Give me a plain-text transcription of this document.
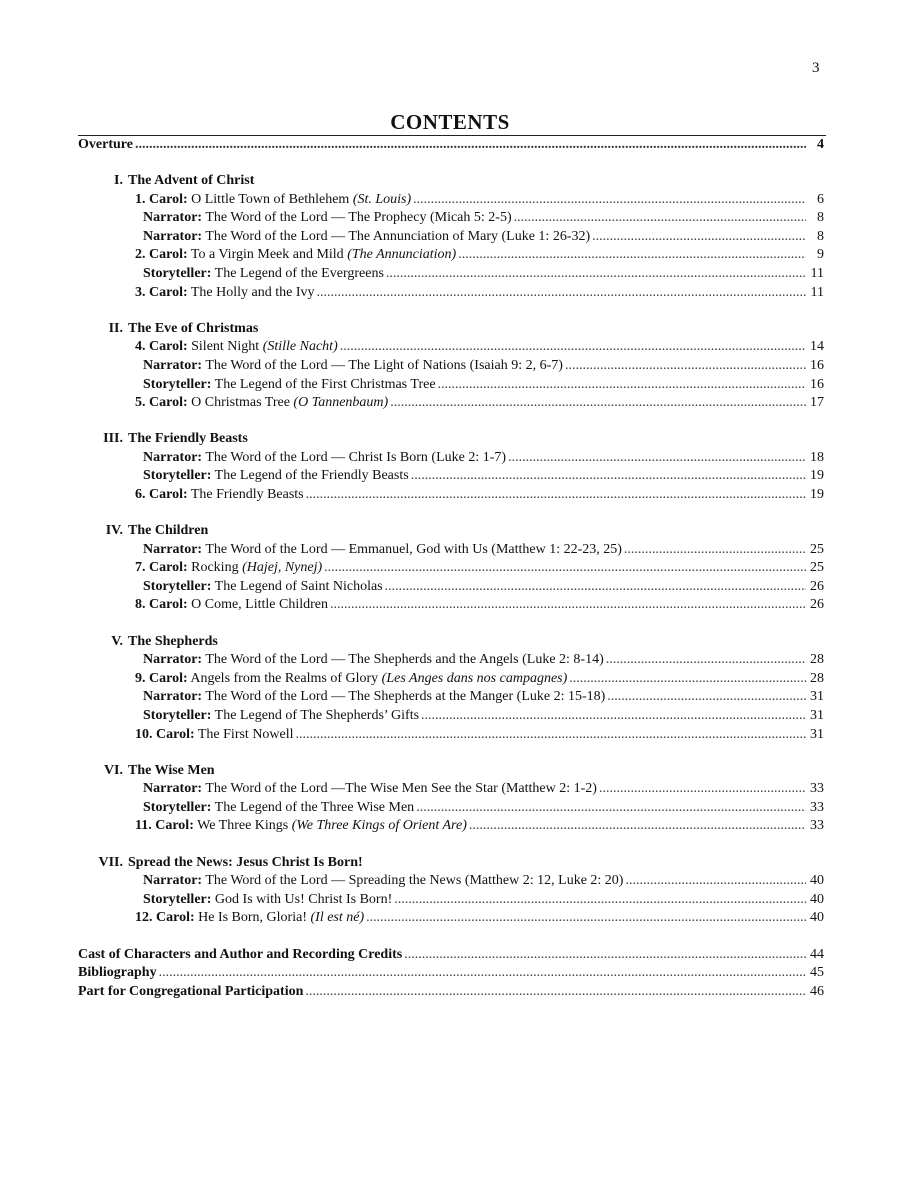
3
CONTENTS
Overture .....	4
I. The Advent of Christ
1. Carol: O Little Town of Bethlehem (St. Louis) .....	6
Narrator: The Word of the Lord — The Prophecy (Micah 5: 2-5) .....	8
Narrator: The Word of the Lord — The Annunciation of Mary (Luke 1: 26-32) .....	8
2. Carol: To a Virgin Meek and Mild (The Annunciation) .....	9
Storyteller: The Legend of the Evergreens .....	11
3. Carol: The Holly and the Ivy .....	11
II. The Eve of Christmas
4. Carol: Silent Night (Stille Nacht) .....	14
Narrator: The Word of the Lord — The Light of Nations (Isaiah 9: 2, 6-7) .....	16
Storyteller: The Legend of the First Christmas Tree .....	16
5. Carol: O Christmas Tree (O Tannenbaum) .....	17
III. The Friendly Beasts
Narrator: The Word of the Lord — Christ Is Born (Luke 2: 1-7) .....	18
Storyteller: The Legend of the Friendly Beasts .....	19
6. Carol: The Friendly Beasts .....	19
IV. The Children
Narrator: The Word of the Lord — Emmanuel, God with Us (Matthew 1: 22-23, 25) .....	25
7. Carol: Rocking (Hajej, Nynej) .....	25
Storyteller: The Legend of Saint Nicholas .....	26
8. Carol: O Come, Little Children .....	26
V. The Shepherds
Narrator: The Word of the Lord — The Shepherds and the Angels (Luke 2: 8-14) .....	28
9. Carol: Angels from the Realms of Glory (Les Anges dans nos campagnes) .....	28
Narrator: The Word of the Lord — The Shepherds at the Manger (Luke 2: 15-18) .....	31
Storyteller: The Legend of The Shepherds’ Gifts .....	31
10. Carol: The First Nowell .....	31
VI. The Wise Men
Narrator: The Word of the Lord —The Wise Men See the Star (Matthew 2: 1-2) .....	33
Storyteller: The Legend of the Three Wise Men .....	33
11. Carol: We Three Kings (We Three Kings of Orient Are) .....	33
VII. Spread the News: Jesus Christ Is Born!
Narrator: The Word of the Lord — Spreading the News (Matthew 2: 12, Luke 2: 20) .....	40
Storyteller: God Is with Us! Christ Is Born! .....	40
12. Carol: He Is Born, Gloria! (Il est né) .....	40
Cast of Characters and Author and Recording Credits .....	44
Bibliography .....	45
Part for Congregational Participation .....	46
